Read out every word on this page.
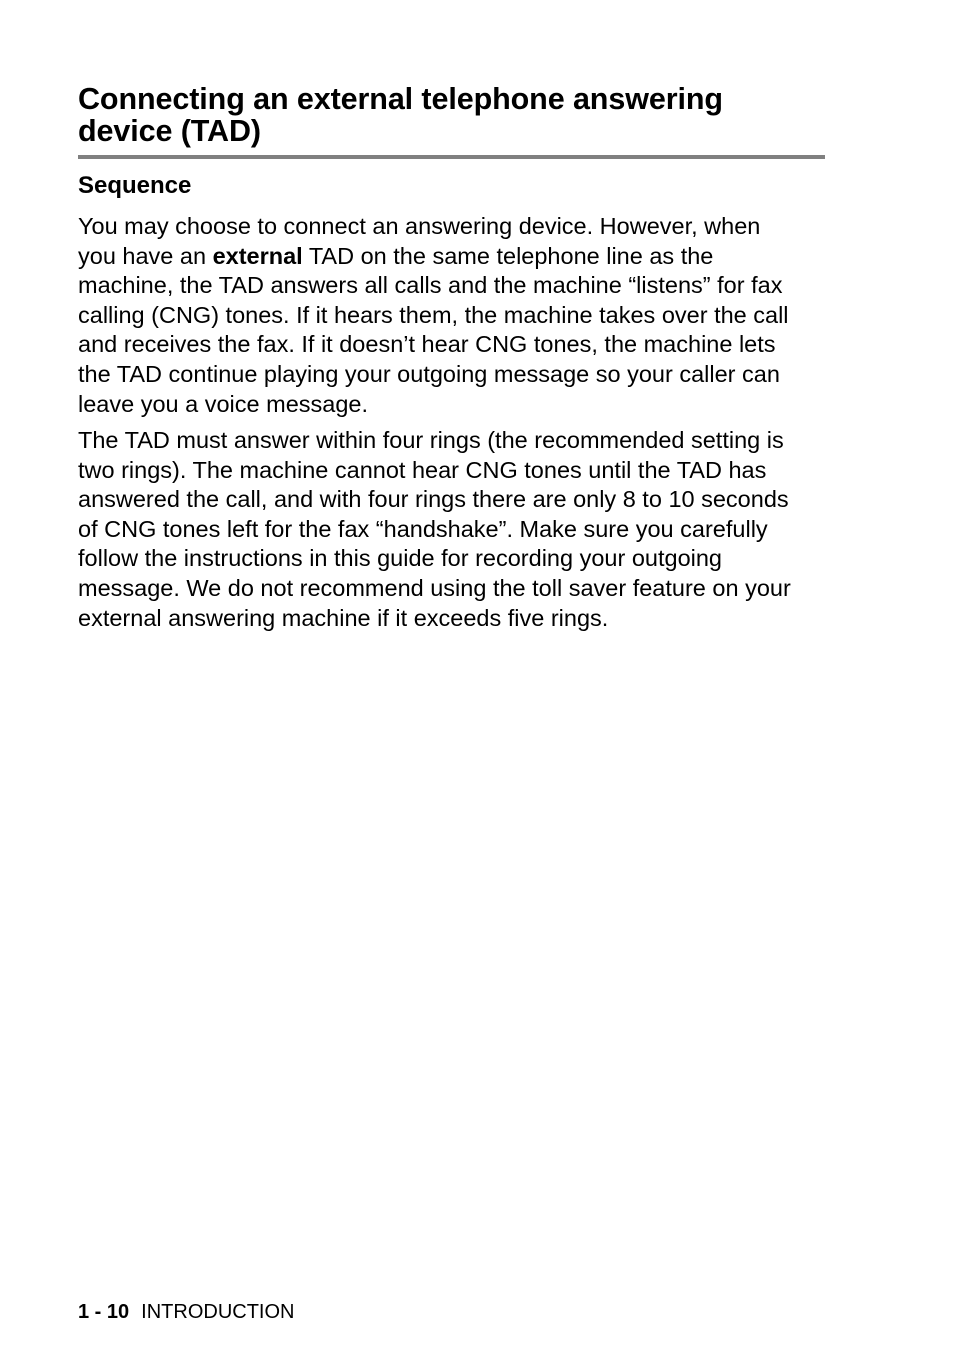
Connecting an external telephone answering
device (TAD)
Sequence

You may choose to connect an answering device. However, when
you have an external TAD on the same telephone line as the
machine, the TAD answers all calls and the machine “listens” for fax
calling (CNG) tones. If it hears them, the machine takes over the call
and receives the fax. If it doesn’t hear CNG tones, the machine lets
the TAD continue playing your outgoing message so your caller can
leave you a voice message.

The TAD must answer within four rings (the recommended setting is
two rings). The machine cannot hear CNG tones until the TAD has
answered the call, and with four rings there are only 8 to 10 seconds
of CNG tones left for the fax “handshake”. Make sure you carefully
follow the instructions in this guide for recording your outgoing
message. We do not recommend using the toll saver feature on your
external answering machine if it exceeds five rings.

1 - 10 INTRODUCTION
